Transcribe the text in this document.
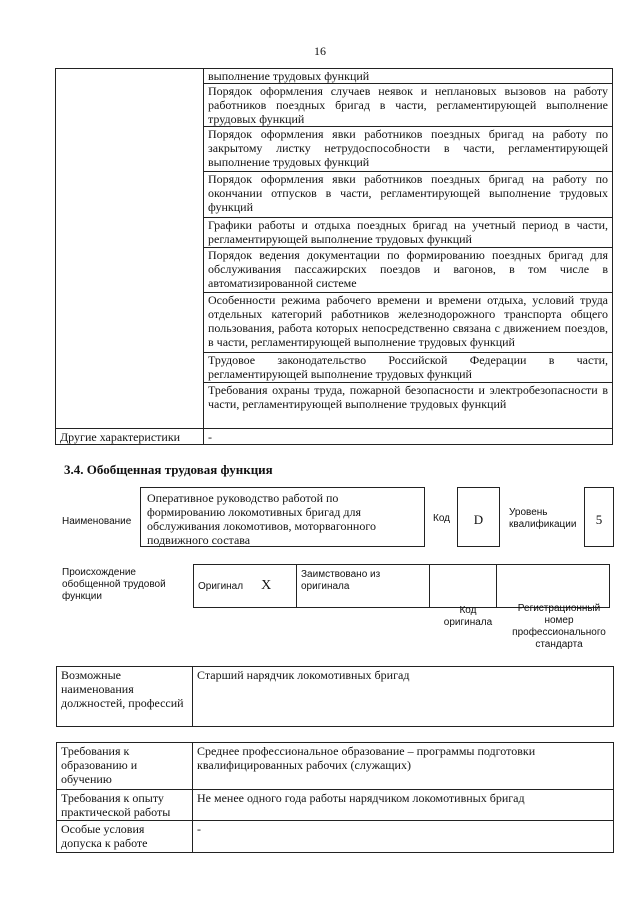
16
	выполнение трудовых функций
	Порядок оформления случаев неявок и неплановых вызовов на работу работников поездных бригад в части, регламентирующей выполнение трудовых функций
	Порядок оформления явки работников поездных бригад на работу по закрытому листку нетрудоспособности в части, регламентирующей выполнение трудовых функций
	Порядок оформления явки работников поездных бригад на работу по окончании отпусков в части, регламентирующей выполнение трудовых функций
	Графики работы и отдыха поездных бригад на учетный период в части, регламентирующей выполнение трудовых функций
	Порядок ведения документации по формированию поездных бригад для обслуживания пассажирских поездов и вагонов, в том числе в автоматизированной системе
	Особенности режима рабочего времени и времени отдыха, условий труда отдельных категорий работников железнодорожного транспорта общего пользования, работа которых непосредственно связана с движением поездов, в части, регламентирующей выполнение трудовых функций
	Трудовое законодательство Российской Федерации в части, регламентирующей выполнение трудовых функций
	Требования охраны труда, пожарной безопасности и электробезопасности в части, регламентирующей выполнение трудовых функций
Другие характеристики	-
3.4. Обобщенная трудовая функция
Наименование
Оперативное руководство работой по формированию локомотивных бригад для обслуживания локомотивов, моторвагонного подвижного состава
Код	D	Уровень квалификации	5
Происхождение обобщенной трудовой функции
Оригинал X	Заимствовано из оригинала		
Код оригинала
Регистрационный номер профессионального стандарта
Возможные наименования должностей, профессий	Старший нарядчик локомотивных бригад
Требования к образованию и обучению	Среднее профессиональное образование – программы подготовки квалифицированных рабочих (служащих)
Требования к опыту практической работы	Не менее одного года работы нарядчиком локомотивных бригад
Особые условия допуска к работе	-
